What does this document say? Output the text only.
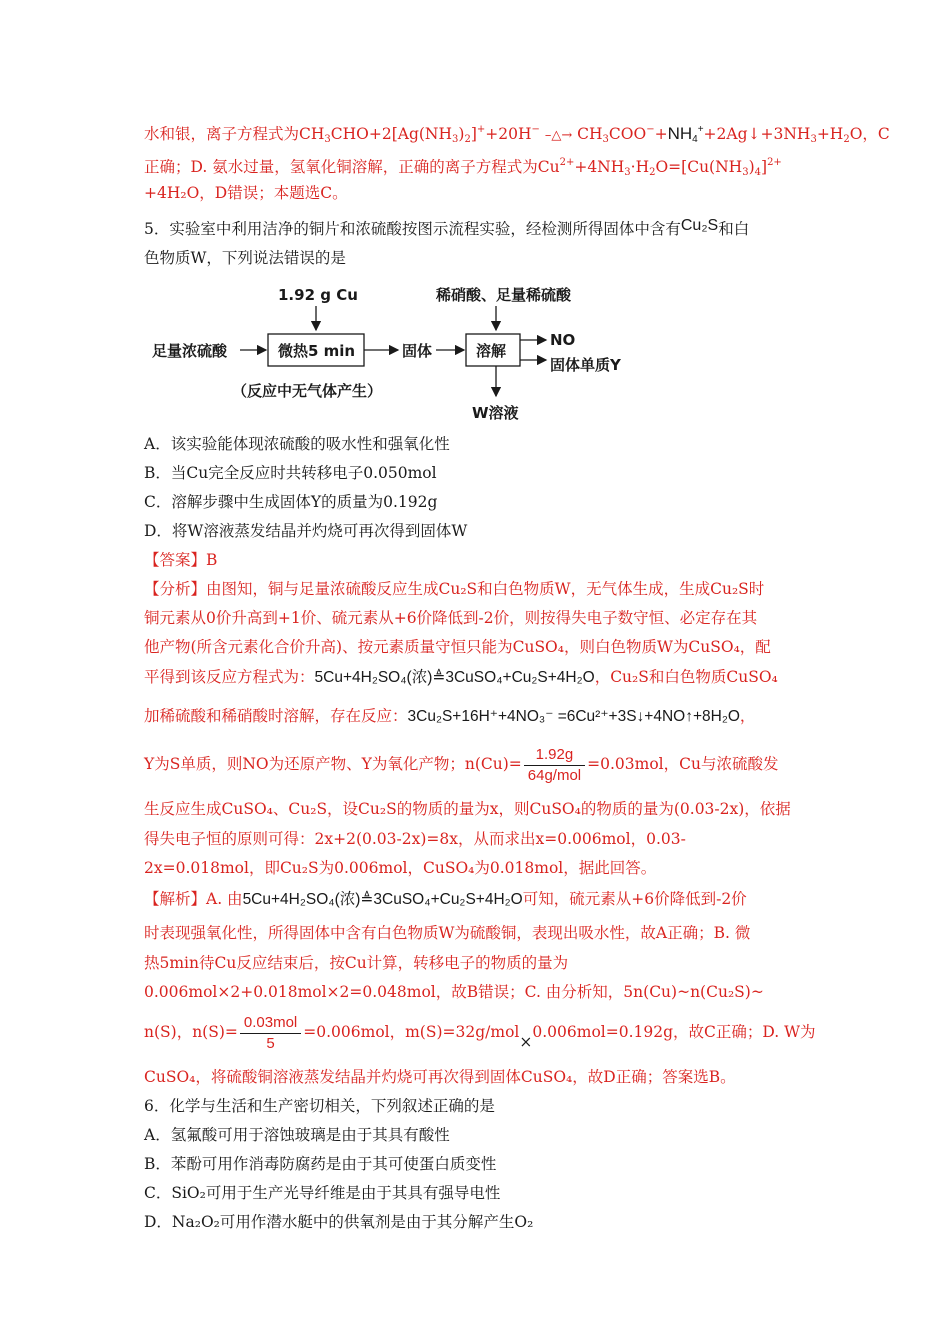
水和银，离子方程式为$CH_3CHO+2[Ag(NH_3)_2]^++20H^-$ –△→ $CH_3COO^-+NH_4^++2Ag↓+3NH_3+H_2O$，C
正确；D. 氨水过量，氢氧化铜溶解，正确的离子方程式为$Cu^{2+}+4NH_3\cdot H_2O=[Cu(NH_3)_4]^{2+}$
+4H₂O，D错误；本题选C。
5．实验室中利用洁净的铜片和浓硫酸按图示流程实验，经检测所得固体中含有Cu₂S和白
色物质W，下列说法错误的是
1.92 g Cu
足量浓硫酸	微热5 min
（反应中无气体产生）
固体
稀硝酸、足量稀硫酸
溶解
NO
固体单质Y
W溶液
A．该实验能体现浓硫酸的吸水性和强氧化性
B．当Cu完全反应时共转移电子0.050mol
C．溶解步骤中生成固体Y的质量为0.192g
D．将W溶液蒸发结晶并灼烧可再次得到固体W
【答案】B
【分析】由图知，铜与足量浓硫酸反应生成Cu₂S和白色物质W，无气体生成，生成Cu₂S时
铜元素从0价升高到+1价、硫元素从+6价降低到-2价，则按得失电子数守恒、必定存在其
他产物(所含元素化合价升高)、按元素质量守恒只能为CuSO₄，则白色物质W为CuSO₄，配
平得到该反应方程式为：5Cu+4H₂SO₄(浓)≜3CuSO₄+Cu₂S+4H₂O，Cu₂S和白色物质CuSO₄
加稀硫酸和稀硝酸时溶解，存在反应：3Cu₂S+16H⁺+4NO₃⁻ =6Cu²⁺+3S↓+4NO↑+8H₂O，
Y为S单质，则NO为还原产物、Y为氧化产物；$n(Cu)= \frac{1.92g}{\text{64g/mol}} =0.03mol$，Cu与浓硫酸发
生反应生成CuSO₄、Cu₂S，设Cu₂S的物质的量为x，则CuSO₄的物质的量为(0.03-2x)，依据
得失电子恒的原则可得：2x+2(0.03-2x)=8x，从而求出x=0.006mol，0.03-
2x=0.018mol，即Cu₂S为0.006mol，CuSO₄为0.018mol，据此回答。
【解析】A. 由5Cu+4H₂SO₄(浓)≜3CuSO₄+Cu₂S+4H₂O可知，硫元素从+6价降低到-2价
时表现强氧化性，所得固体中含有白色物质W为硫酸铜，表现出吸水性，故A正确；B. 微
热5min待Cu反应结束后，按Cu计算，转移电子的物质的量为
0.006mol×2+0.018mol×2=0.048mol，故B错误；C. 由分析知，5n(Cu)~n(Cu₂S)~
n(S)，$n(S)= \frac{\text{0.03mol}}{5} =0.006mol$，m(S)=32g/mol×0.006mol=0.192g，故C正确；D. W为
CuSO₄，将硫酸铜溶液蒸发结晶并灼烧可再次得到固体CuSO₄，故D正确；答案选B。
6．化学与生活和生产密切相关，下列叙述正确的是
A．氢氟酸可用于溶蚀玻璃是由于其具有酸性
B．苯酚可用作消毒防腐药是由于其可使蛋白质变性
C．SiO₂可用于生产光导纤维是由于其具有强导电性
D．Na₂O₂可用作潜水艇中的供氧剂是由于其分解产生O₂
